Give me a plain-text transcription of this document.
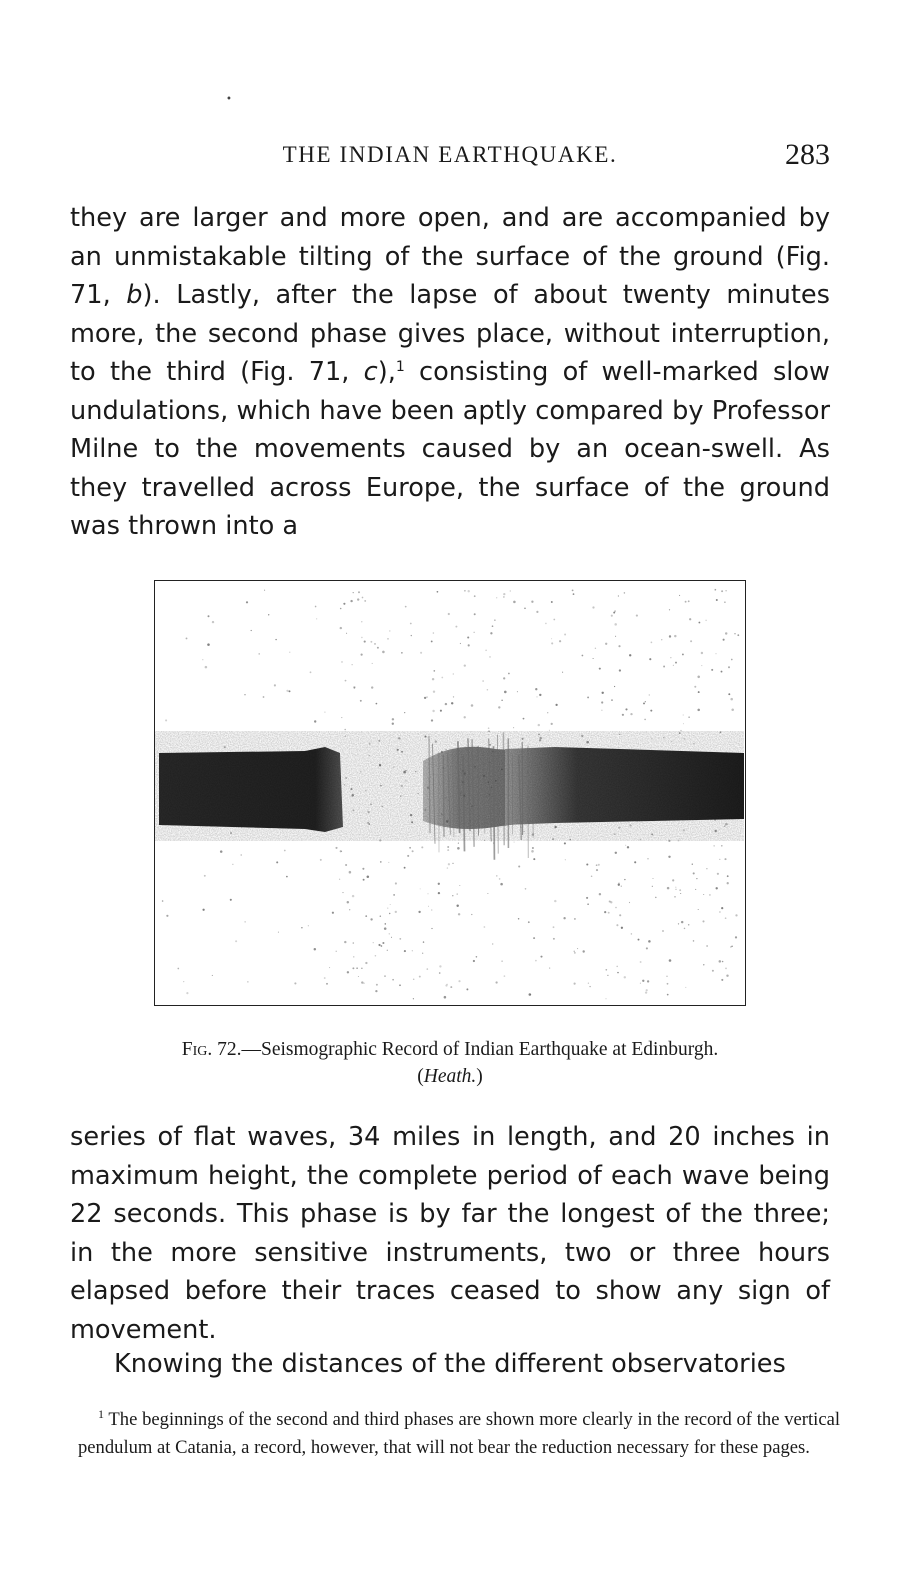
•
THE INDIAN EARTHQUAKE.	283

they are larger and more open, and are accompanied by an unmistakable tilting of the surface of the ground (Fig. 71, b). Lastly, after the lapse of about twenty minutes more, the second phase gives place, without interruption, to the third (Fig. 71, c),$^1$ consisting of well-marked slow undulations, which have been aptly compared by Professor Milne to the movements caused by an ocean-swell. As they travelled across Europe, the surface of the ground was thrown into a

Fig. 72.—Seismographic Record of Indian Earthquake at Edinburgh. (Heath.)

series of flat waves, 34 miles in length, and 20 inches in maximum height, the complete period of each wave being 22 seconds. This phase is by far the longest of the three; in the more sensitive instruments, two or three hours elapsed before their traces ceased to show any sign of movement.

Knowing the distances of the different observatories

$^1$ The beginnings of the second and third phases are shown more clearly in the record of the vertical pendulum at Catania, a record, however, that will not bear the reduction necessary for these pages.
